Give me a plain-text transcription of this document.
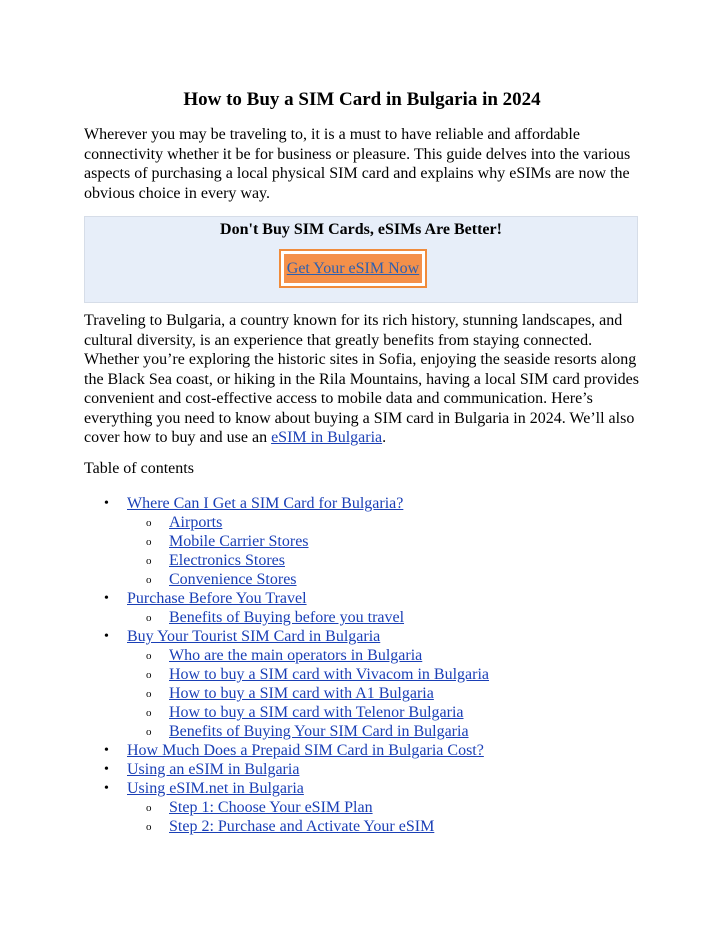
How to Buy a SIM Card in Bulgaria in 2024

Wherever you may be traveling to, it is a must to have reliable and affordable connectivity whether it be for business or pleasure. This guide delves into the various aspects of purchasing a local physical SIM card and explains why eSIMs are now the obvious choice in every way.

Don't Buy SIM Cards, eSIMs Are Better!
Get Your eSIM Now

Traveling to Bulgaria, a country known for its rich history, stunning landscapes, and cultural diversity, is an experience that greatly benefits from staying connected. Whether you’re exploring the historic sites in Sofia, enjoying the seaside resorts along the Black Sea coast, or hiking in the Rila Mountains, having a local SIM card provides convenient and cost-effective access to mobile data and communication. Here’s everything you need to know about buying a SIM card in Bulgaria in 2024. We’ll also cover how to buy and use an eSIM in Bulgaria.

Table of contents

• Where Can I Get a SIM Card for Bulgaria?
o Airports
o Mobile Carrier Stores
o Electronics Stores
o Convenience Stores
• Purchase Before You Travel
o Benefits of Buying before you travel
• Buy Your Tourist SIM Card in Bulgaria
o Who are the main operators in Bulgaria
o How to buy a SIM card with Vivacom in Bulgaria
o How to buy a SIM card with A1 Bulgaria
o How to buy a SIM card with Telenor Bulgaria
o Benefits of Buying Your SIM Card in Bulgaria
• How Much Does a Prepaid SIM Card in Bulgaria Cost?
• Using an eSIM in Bulgaria
• Using eSIM.net in Bulgaria
o Step 1: Choose Your eSIM Plan
o Step 2: Purchase and Activate Your eSIM
